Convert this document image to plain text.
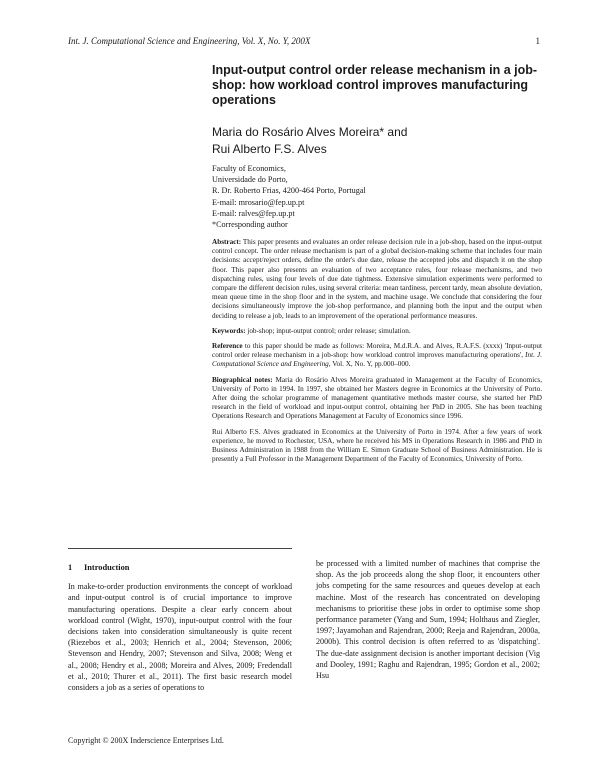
Int. J. Computational Science and Engineering, Vol. X, No. Y, 200X	1
Input-output control order release mechanism in a job-shop: how workload control improves manufacturing operations
Maria do Rosário Alves Moreira* and
Rui Alberto F.S. Alves
Faculty of Economics,
Universidade do Porto,
R. Dr. Roberto Frias, 4200-464 Porto, Portugal
E-mail: mrosario@fep.up.pt
E-mail: ralves@fep.up.pt
*Corresponding author

Abstract: This paper presents and evaluates an order release decision rule in a job-shop, based on the input-output control concept. The order release mechanism is part of a global decision-making scheme that includes four main decisions: accept/reject orders, define the order's due date, release the accepted jobs and dispatch it on the shop floor. This paper also presents an evaluation of two acceptance rules, four release mechanisms, and two dispatching rules, using four levels of due date tightness. Extensive simulation experiments were performed to compare the different decision rules, using several criteria: mean tardiness, percent tardy, mean absolute deviation, mean queue time in the shop floor and in the system, and machine usage. We conclude that considering the four decisions simultaneously improve the job-shop performance, and planning both the input and the output when deciding to release a job, leads to an improvement of the operational performance measures.

Keywords: job-shop; input-output control; order release; simulation.

Reference to this paper should be made as follows: Moreira, M.d.R.A. and Alves, R.A.F.S. (xxxx) 'Input-output control order release mechanism in a job-shop: how workload control improves manufacturing operations', Int. J. Computational Science and Engineering, Vol. X, No. Y, pp.000–000.

Biographical notes: Maria do Rosário Alves Moreira graduated in Management at the Faculty of Economics, University of Porto in 1994. In 1997, she obtained her Masters degree in Economics at the University of Porto. After doing the scholar programme of management quantitative methods master course, she started her PhD research in the field of workload and input-output control, obtaining her PhD in 2005. She has been teaching Operations Research and Operations Management at Faculty of Economics since 1996.

Rui Alberto F.S. Alves graduated in Economics at the University of Porto in 1974. After a few years of work experience, he moved to Rochester, USA, where he received his MS in Operations Research in 1986 and PhD in Business Administration in 1988 from the William E. Simon Graduate School of Business Administration. He is presently a Full Professor in the Management Department of the Faculty of Economics, University of Porto.

1 Introduction

In make-to-order production environments the concept of workload and input-output control is of crucial importance to improve manufacturing operations. Despite a clear early concern about workload control (Wight, 1970), input-output control with the four decisions taken into consideration simultaneously is quite recent (Riezebos et al., 2003; Henrich et al., 2004; Stevenson, 2006; Stevenson and Hendry, 2007; Stevenson and Silva, 2008; Weng et al., 2008; Hendry et al., 2008; Moreira and Alves, 2009; Fredendall et al., 2010; Thurer et al., 2011). The first basic research model considers a job as a series of operations to

be processed with a limited number of machines that comprise the shop. As the job proceeds along the shop floor, it encounters other jobs competing for the same resources and queues develop at each machine. Most of the research has concentrated on developing mechanisms to prioritise these jobs in order to optimise some shop performance parameter (Yang and Sum, 1994; Holthaus and Ziegler, 1997; Jayamohan and Rajendran, 2000; Reeja and Rajendran, 2000a, 2000b). This control decision is often referred to as 'dispatching'. The due-date assignment decision is another important decision (Vig and Dooley, 1991; Raghu and Rajendran, 1995; Gordon et al., 2002; Hsu

Copyright © 200X Inderscience Enterprises Ltd.
